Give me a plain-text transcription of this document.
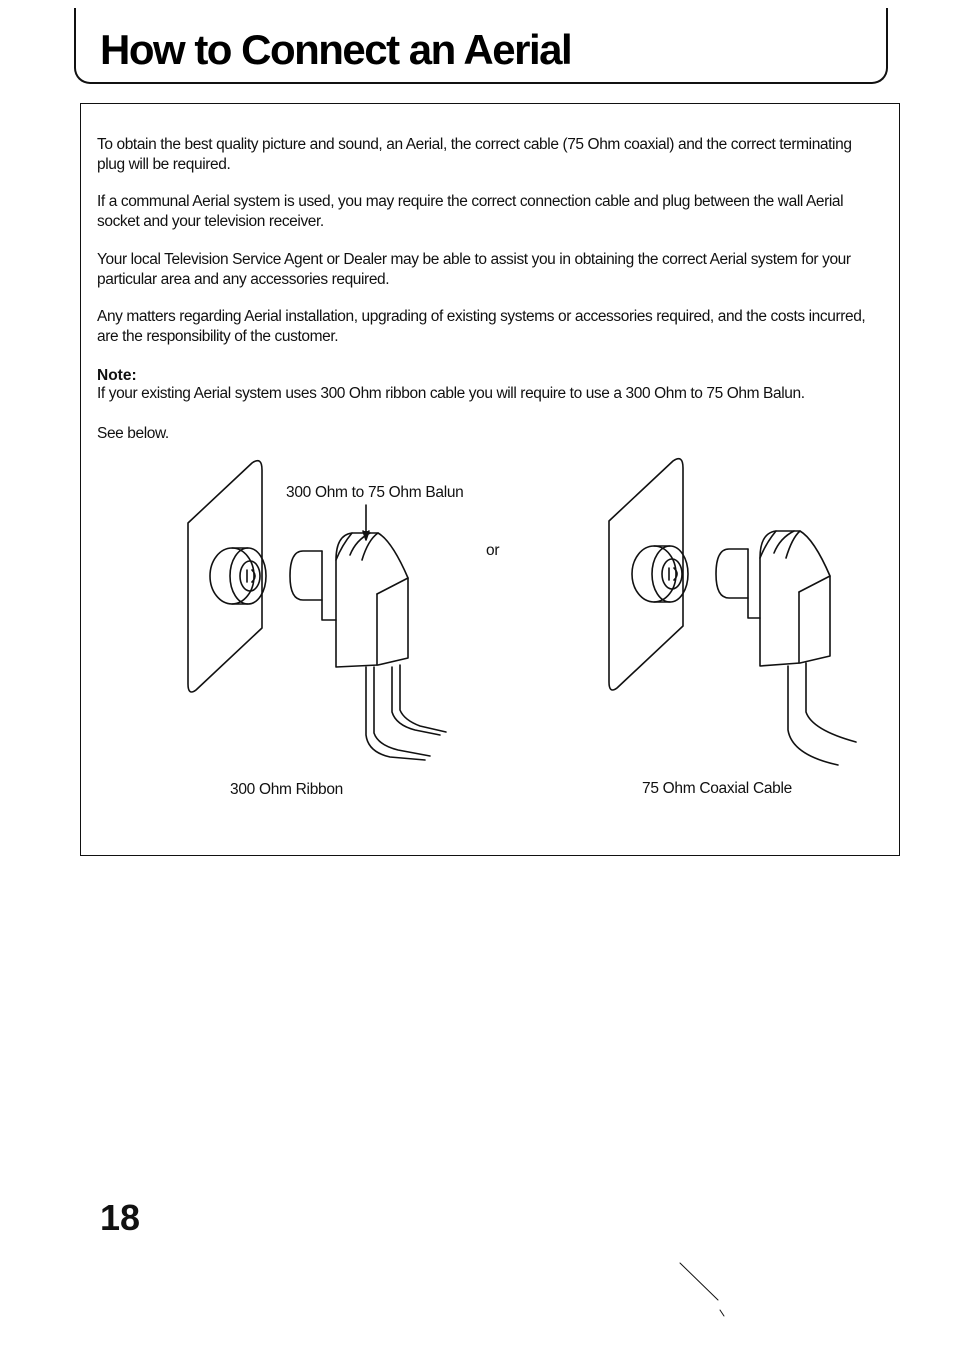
How to Connect an Aerial

To obtain the best quality picture and sound, an Aerial, the correct cable (75 Ohm coaxial) and the correct terminating plug will be required.

If a communal Aerial system is used, you may require the correct connection cable and plug between the wall Aerial socket and your television receiver.

Your local Television Service Agent or Dealer may be able to assist you in obtaining the correct Aerial system for your particular area and any accessories required.

Any matters regarding Aerial installation, upgrading of existing systems or accessories required, and the costs incurred, are the responsibility of the customer.

Note:

If your existing Aerial system uses 300 Ohm ribbon cable you will require to use a 300 Ohm to 75 Ohm Balun.

See below.

300 Ohm to 75 Ohm Balun

or

300 Ohm Ribbon	75 Ohm Coaxial Cable

18
